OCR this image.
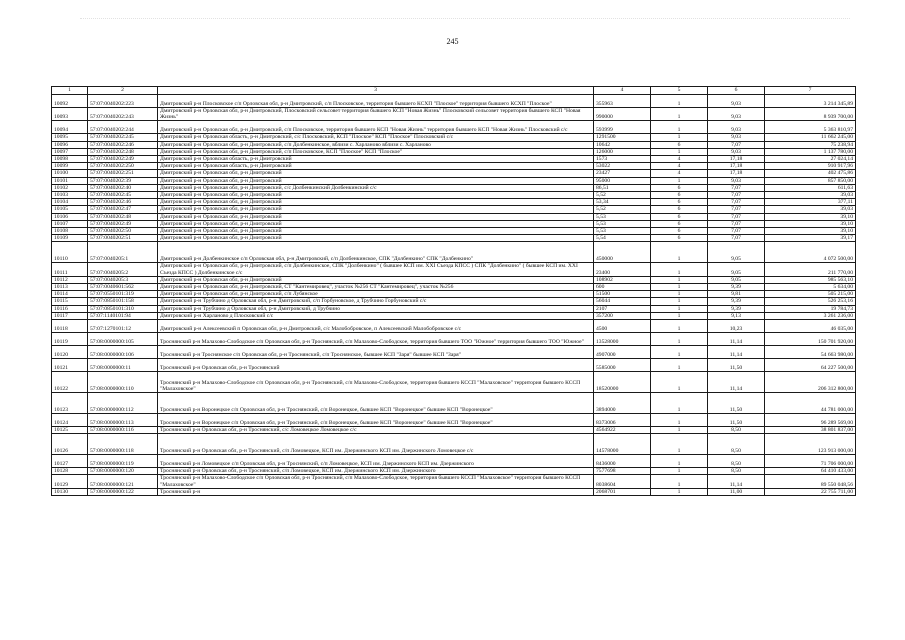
245
1	2	3	4	5	6	7
10092	57:07:0040202:223	Дмитровский р-н Плосковское с/п Орловская обл, р-н Дмитровский, с/п Плосковское, территория бывшего КСХП "Плоское" территория бывшего КСХП "Плоское"	355963	1	9,03	3 214 345,89
10093	57:07:0040202:243	Дмитровский р-н Орловская обл, р-н Дмитровский, Плосковский сельсовет территория бывшего КСП "Новая Жизнь" Плосковский сельсовет территория бывшего КСП "Новая Жизнь"	990000	1	9,03	8 939 700,00
10094	57:07:0040202:244	Дмитровский р-н Орловская обл, р-н Дмитровский, с/п Плосковское, территория бывшего КСП "Новая Жизнь" территория бывшего КСП "Новая Жизнь" Плосковский с/с	593999	1	9,03	5 363 810,97
10095	57:07:0040202:245	Дмитровский р-н Орловская область, р-н Дмитровский, с/с Плосковский, КСП "Плоское" КСП "Плоское" Плосковский с/с	1291500	1	9,03	11 662 245,00
10096	57:07:0040202:246	Дмитровский р-н Орловская обл, р-н Дмитровский, с/п Долбенкинское, вблизи с. Харланово вблизи с. Харланово	10642	6	7,07	75 238,94
10097	57:07:0040202:248	Дмитровский р-н Орловская обл, р-н Дмитровский, с/п Плосковское, КСП "Плоское" КСП "Плоское"	126000	1	9,03	1 137 780,00
10098	57:07:0040202:249	Дмитровский р-н Орловская область, р-н Дмитровский	1573	4	17,18	27 024,14
10099	57:07:0040202:250	Дмитровский р-н Орловская область, р-н Дмитровский	53022	4	17,18	910 917,96
10100	57:07:0040202:251	Дмитровский р-н Орловская обл, р-н Дмитровский	23427	4	17,18	402 475,86
10101	57:07:0040202:39	Дмитровский р-н Орловская обл, р-н Дмитровский	95000	1	9,03	857 850,00
10102	57:07:0040202:40	Дмитровский р-н Орловская обл, р-н Дмитровский, с/с Долбенкинский Долбенкинский с/с	86,51	6	7,07	611,63
10103	57:07:0040202:45	Дмитровский р-н Орловская обл, р-н Дмитровский	5,52	6	7,07	39,03
10104	57:07:0040202:46	Дмитровский р-н Орловская обл, р-н Дмитровский	53,34	6	7,07	377,11
10105	57:07:0040202:47	Дмитровский р-н Орловская обл, р-н Дмитровский	5,52	6	7,07	39,03
10106	57:07:0040202:48	Дмитровский р-н Орловская обл, р-н Дмитровский	5,53	6	7,07	39,10
10107	57:07:0040202:49	Дмитровский р-н Орловская обл, р-н Дмитровский	5,53	6	7,07	39,10
10108	57:07:0040202:50	Дмитровский р-н Орловская обл, р-н Дмитровский	5,53	6	7,07	39,10
10109	57:07:0040202:51	Дмитровский р-н Орловская обл, р-н Дмитровский	5,54	6	7,07	39,17
10110	57:07:0040205:1	Дмитровский р-н Долбенкинское с/п Орловская обл, р-н Дмитровский, с/п Долбенкинское, СПК "Долбенкино" СПК "Долбенкино"	450000	1	9,05	4 072 500,00
10111	57:07:0040205:2	Дмитровский р-н Орловская обл, р-н Дмитровский, с/п Долбенкинское, СПК "Долбенкино" ( бывшее КСП им. XXI Съезда КПСС ) СПК "Долбенкино" ( бывшее КСП им. XXI Съезда КПСС ) Долбенкинское с/с	23400	1	9,05	211 770,00
10112	57:07:0040205:3	Дмитровский р-н Орловская обл, р-н Дмитровский	108902	1	9,05	985 563,10
10113	57:07:0040601:562	Дмитровский р-н Орловская обл, р-н Дмитровский, СТ "Кантемировец", участок №256 СТ "Кантемировец", участок №256	600	1	9,39	5 634,00
10114	57:07:0550101:319	Дмитровский р-н Орловская обл, р-н Дмитровский, с/п Лубянское	51500	1	9,81	505 215,00
10115	57:07:0850101:158	Дмитровский р-н Трубчино д Орловская обл, р-н Дмитровский, с/п Горбуновское, д Трубчино Горбуновский с/с	56044	1	9,39	526 253,16
10116	57:07:0850101:310	Дмитровский р-н Трубчино д Орловская обл, р-н Дмитровский, д Трубчино	2107	1	9,39	19 784,73
10117	57:07:1140101:94	Дмитровский р-н Харланово д Плосковский с/с	357200	1	9,13	3 261 236,00
10118	57:07:1270101:12	Дмитровский р-н Алексеевский п Орловская обл, р-н Дмитровский, с/с Малобобровское, п Алексеевский Малобобровское с/с	4500	1	10,23	46 035,00
10119	57:08:0000000:105	Троснянский р-н Малахово-Слободское с/п Орловская обл, р-н Троснянский, с/п Малахово-Слободское, территория бывшего ТОО "Южное" территория бывшего ТОО "Южное"	13528000	1	11,14	150 701 920,00
10120	57:08:0000000:106	Троснянский р-н Троснянское с/п Орловская обл, р-н Троснянский, с/п Троснянское, бывшее КСП "Заря" бывшее КСП "Заря"	4907000	1	11,14	54 663 980,00
10121	57:08:0000000:11	Троснянский р-н Орловская обл, р-н Троснянский	5585000	1	11,50	64 227 500,00
10122	57:08:0000000:110	Троснянский р-н Малахово-Слободское с/п Орловская обл, р-н Троснянский, с/п Малахово-Слободское, территория бывшего КССП "Малаховское" территория бывшего КССП "Малаховское"	18520000	1	11,14	206 312 800,00
10123	57:08:0000000:112	Троснянский р-н Воронецкое с/п Орловская обл, р-н Троснянский, с/п Воронецкое, бывшее КСП "Воронецкое" бывшее КСП "Воронецкое"	3894000	1	11,50	44 781 000,00
10124	57:08:0000000:113	Троснянский р-н Воронецкое с/п Орловская обл, р-н Троснянский, с/п Воронецкое, бывшее КСП "Воронецкое" бывшее КСП "Воронецкое"	8373006	1	11,50	96 289 569,00
10125	57:08:0000000:116	Троснянский р-н Орловская обл, р-н Троснянский, с/с Ломовецкое Ломовецкое с/с	4564922	1	8,50	38 801 837,00
10126	57:08:0000000:118	Троснянский р-н Орловская обл, р-н Троснянский, с/п Ломовецкое, КСП им. Дзержинского КСП им. Дзержинского Ломовецкое с/с	14578000	1	8,50	123 913 000,00
10127	57:08:0000000:119	Троснянский р-н Ломовецкое с/п Орловская обл, р-н Троснянский, с/п Ломовецкое, КСП им. Дзержинского КСП им. Дзержинского	8436000	1	8,50	71 706 000,00
10128	57:08:0000000:120	Троснянский р-н Орловская обл, р-н Троснянский, с/п Ломовецкое, КСП им. Дзержинского КСП им. Дзержинского	7577698	1	8,50	64 410 433,00
10129	57:08:0000000:121	Троснянский р-н Малахово-Слободское с/п Орловская обл, р-н Троснянский, с/п Малахово-Слободское, территория бывшего КССП "Малаховское" территория бывшего КССП "Малаховское"	8038604	1	11,14	89 550 048,56
10130	57:08:0000000:122	Троснянский р-н	2068701	1	11,00	22 755 711,00
